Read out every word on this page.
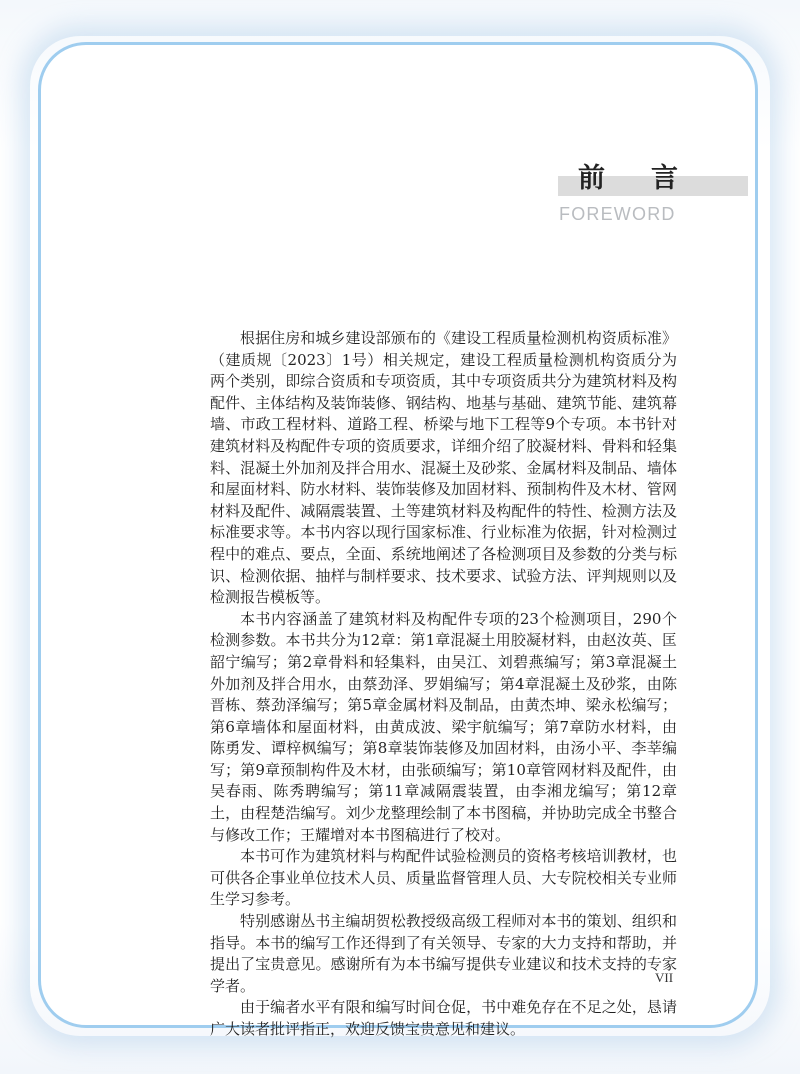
前 言
FOREWORD

根据住房和城乡建设部颁布的《建设工程质量检测机构资质标准》（建质规〔2023〕1号）相关规定，建设工程质量检测机构资质分为两个类别，即综合资质和专项资质，其中专项资质共分为建筑材料及构配件、主体结构及装饰装修、钢结构、地基与基础、建筑节能、建筑幕墙、市政工程材料、道路工程、桥梁与地下工程等9个专项。本书针对建筑材料及构配件专项的资质要求，详细介绍了胶凝材料、骨料和轻集料、混凝土外加剂及拌合用水、混凝土及砂浆、金属材料及制品、墙体和屋面材料、防水材料、装饰装修及加固材料、预制构件及木材、管网材料及配件、减隔震装置、土等建筑材料及构配件的特性、检测方法及标准要求等。本书内容以现行国家标准、行业标准为依据，针对检测过程中的难点、要点，全面、系统地阐述了各检测项目及参数的分类与标识、检测依据、抽样与制样要求、技术要求、试验方法、评判规则以及检测报告模板等。

本书内容涵盖了建筑材料及构配件专项的23个检测项目，290个检测参数。本书共分为12章：第1章混凝土用胶凝材料，由赵汝英、匡韶宁编写；第2章骨料和轻集料，由吴江、刘碧燕编写；第3章混凝土外加剂及拌合用水，由蔡劲泽、罗娟编写；第4章混凝土及砂浆，由陈晋栋、蔡劲泽编写；第5章金属材料及制品，由黄杰坤、梁永松编写；第6章墙体和屋面材料，由黄成波、梁宇航编写；第7章防水材料，由陈勇发、谭梓枫编写；第8章装饰装修及加固材料，由汤小平、李莘编写；第9章预制构件及木材，由张硕编写；第10章管网材料及配件，由吴春雨、陈秀聘编写；第11章减隔震装置，由李湘龙编写；第12章土，由程楚浩编写。刘少龙整理绘制了本书图稿，并协助完成全书整合与修改工作；王耀增对本书图稿进行了校对。

本书可作为建筑材料与构配件试验检测员的资格考核培训教材，也可供各企事业单位技术人员、质量监督管理人员、大专院校相关专业师生学习参考。

特别感谢丛书主编胡贺松教授级高级工程师对本书的策划、组织和指导。本书的编写工作还得到了有关领导、专家的大力支持和帮助，并提出了宝贵意见。感谢所有为本书编写提供专业建议和技术支持的专家学者。

由于编者水平有限和编写时间仓促，书中难免存在不足之处，恳请广大读者批评指正，欢迎反馈宝贵意见和建议。

VII
